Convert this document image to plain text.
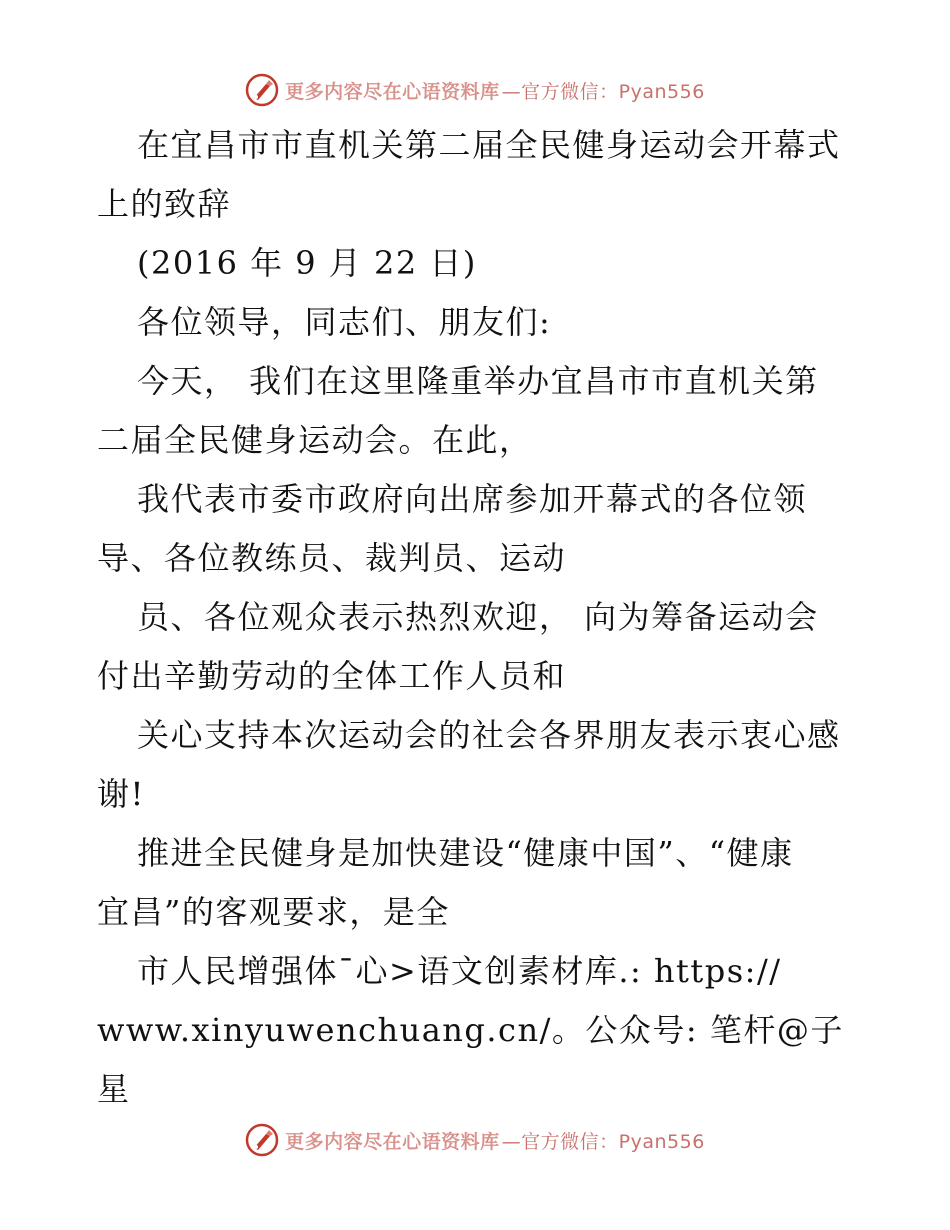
更多内容尽在心语资料库 —官方微信：Pyan556

在宜昌市市直机关第二届全民健身运动会开幕式

上的致辞

(2016 年 9 月 22 日)

各位领导，同志们、朋友们:

今天， 我们在这里隆重举办宜昌市市直机关第

二届全民健身运动会。在此，

我代表市委市政府向出席参加开幕式的各位领

导、各位教练员、裁判员、运动

员、各位观众表示热烈欢迎， 向为筹备运动会

付出辛勤劳动的全体工作人员和

关心支持本次运动会的社会各界朋友表示衷心感

谢!

推进全民健身是加快建设“健康中国”、“健康

宜昌”的客观要求，是全

市人民增强体¯心>语文创素材库.: https://

www.xinyuwenchuang.cn/。公众号: 笔杆@子星

更多内容尽在心语资料库 —官方微信：Pyan556
